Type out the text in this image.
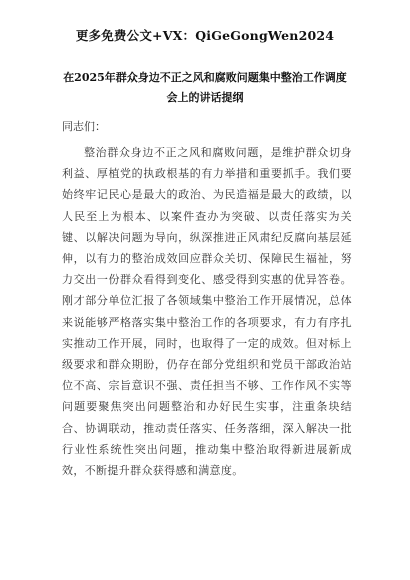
更多免费公文+VX：QiGeGongWen2024
在2025年群众身边不正之风和腐败问题集中整治工作调度会上的讲话提纲
同志们：
整治群众身边不正之风和腐败问题，是维护群众切身利益、厚植党的执政根基的有力举措和重要抓手。我们要始终牢记民心是最大的政治、为民造福是最大的政绩，以人民至上为根本、以案件查办为突破、以责任落实为关键、以解决问题为导向，纵深推进正风肃纪反腐向基层延伸，以有力的整治成效回应群众关切、保障民生福祉，努力交出一份群众看得到变化、感受得到实惠的优异答卷。刚才部分单位汇报了各领域集中整治工作开展情况，总体来说能够严格落实集中整治工作的各项要求，有力有序扎实推动工作开展，同时，也取得了一定的成效。但对标上级要求和群众期盼，仍存在部分党组织和党员干部政治站位不高、宗旨意识不强、责任担当不够、工作作风不实等问题要聚焦突出问题整治和办好民生实事，注重条块结合、协调联动，推动责任落实、任务落细，深入解决一批行业性系统性突出问题，推动集中整治取得新进展新成效，不断提升群众获得感和满意度。
